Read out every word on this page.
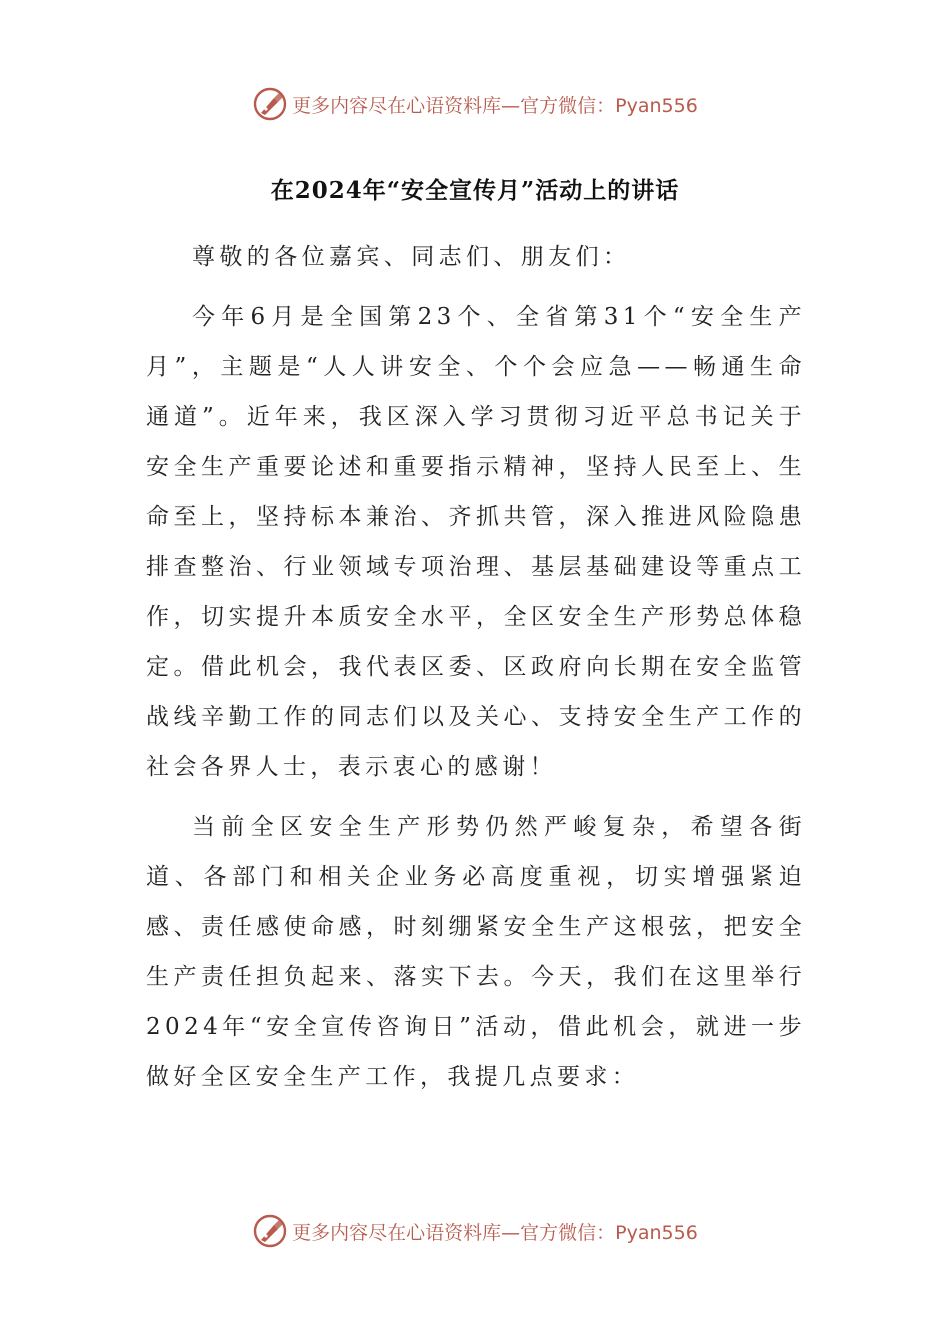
更多内容尽在心语资料库—官方微信：Pyan556
在2024年“安全宣传月”活动上的讲话

尊敬的各位嘉宾、同志们、朋友们：

今年6月是全国第23个、全省第31个“安全生产月”，主题是“人人讲安全、个个会应急——畅通生命通道”。近年来，我区深入学习贯彻习近平总书记关于安全生产重要论述和重要指示精神，坚持人民至上、生命至上，坚持标本兼治、齐抓共管，深入推进风险隐患排查整治、行业领域专项治理、基层基础建设等重点工作，切实提升本质安全水平，全区安全生产形势总体稳定。借此机会，我代表区委、区政府向长期在安全监管战线辛勤工作的同志们以及关心、支持安全生产工作的社会各界人士，表示衷心的感谢！

当前全区安全生产形势仍然严峻复杂，希望各街道、各部门和相关企业务必高度重视，切实增强紧迫感、责任感使命感，时刻绷紧安全生产这根弦，把安全生产责任担负起来、落实下去。今天，我们在这里举行2024年“安全宣传咨询日”活动，借此机会，就进一步做好全区安全生产工作，我提几点要求：

更多内容尽在心语资料库—官方微信：Pyan556
